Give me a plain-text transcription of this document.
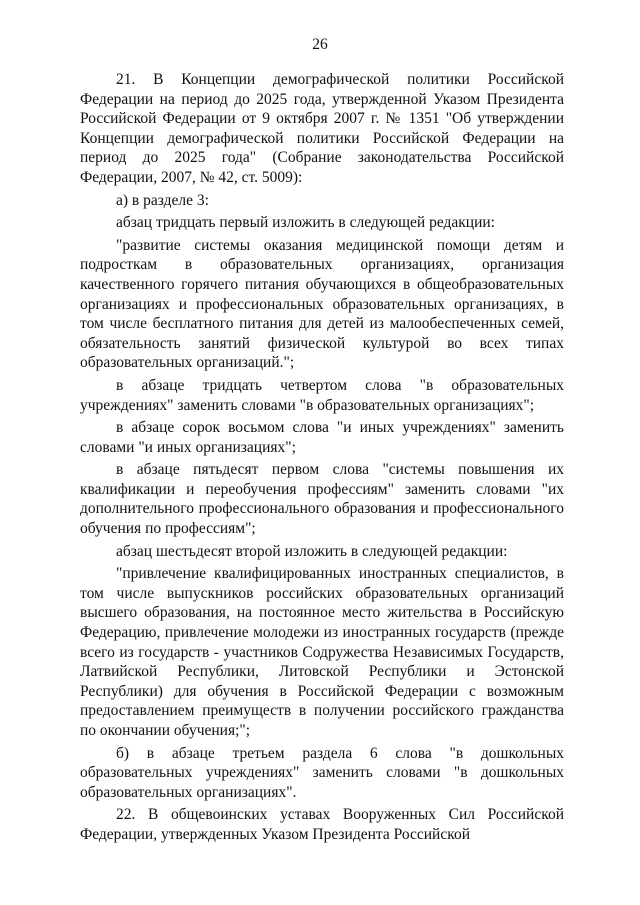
26

21. В Концепции демографической политики Российской Федерации на период до 2025 года, утвержденной Указом Президента Российской Федерации от 9 октября 2007 г. № 1351 "Об утверждении Концепции демографической политики Российской Федерации на период до 2025 года" (Собрание законодательства Российской Федерации, 2007, № 42, ст. 5009):

а) в разделе 3:

абзац тридцать первый изложить в следующей редакции:

"развитие системы оказания медицинской помощи детям и подросткам в образовательных организациях, организация качественного горячего питания обучающихся в общеобразовательных организациях и профессиональных образовательных организациях, в том числе бесплатного питания для детей из малообеспеченных семей, обязательность занятий физической культурой во всех типах образовательных организаций.";

в абзаце тридцать четвертом слова "в образовательных учреждениях" заменить словами "в образовательных организациях";

в абзаце сорок восьмом слова "и иных учреждениях" заменить словами "и иных организациях";

в абзаце пятьдесят первом слова "системы повышения их квалификации и переобучения профессиям" заменить словами "их дополнительного профессионального образования и профессионального обучения по профессиям";

абзац шестьдесят второй изложить в следующей редакции:

"привлечение квалифицированных иностранных специалистов, в том числе выпускников российских образовательных организаций высшего образования, на постоянное место жительства в Российскую Федерацию, привлечение молодежи из иностранных государств (прежде всего из государств - участников Содружества Независимых Государств, Латвийской Республики, Литовской Республики и Эстонской Республики) для обучения в Российской Федерации с возможным предоставлением преимуществ в получении российского гражданства по окончании обучения;";

б) в абзаце третьем раздела 6 слова "в дошкольных образовательных учреждениях" заменить словами "в дошкольных образовательных организациях".

22. В общевоинских уставах Вооруженных Сил Российской Федерации, утвержденных Указом Президента Российской
